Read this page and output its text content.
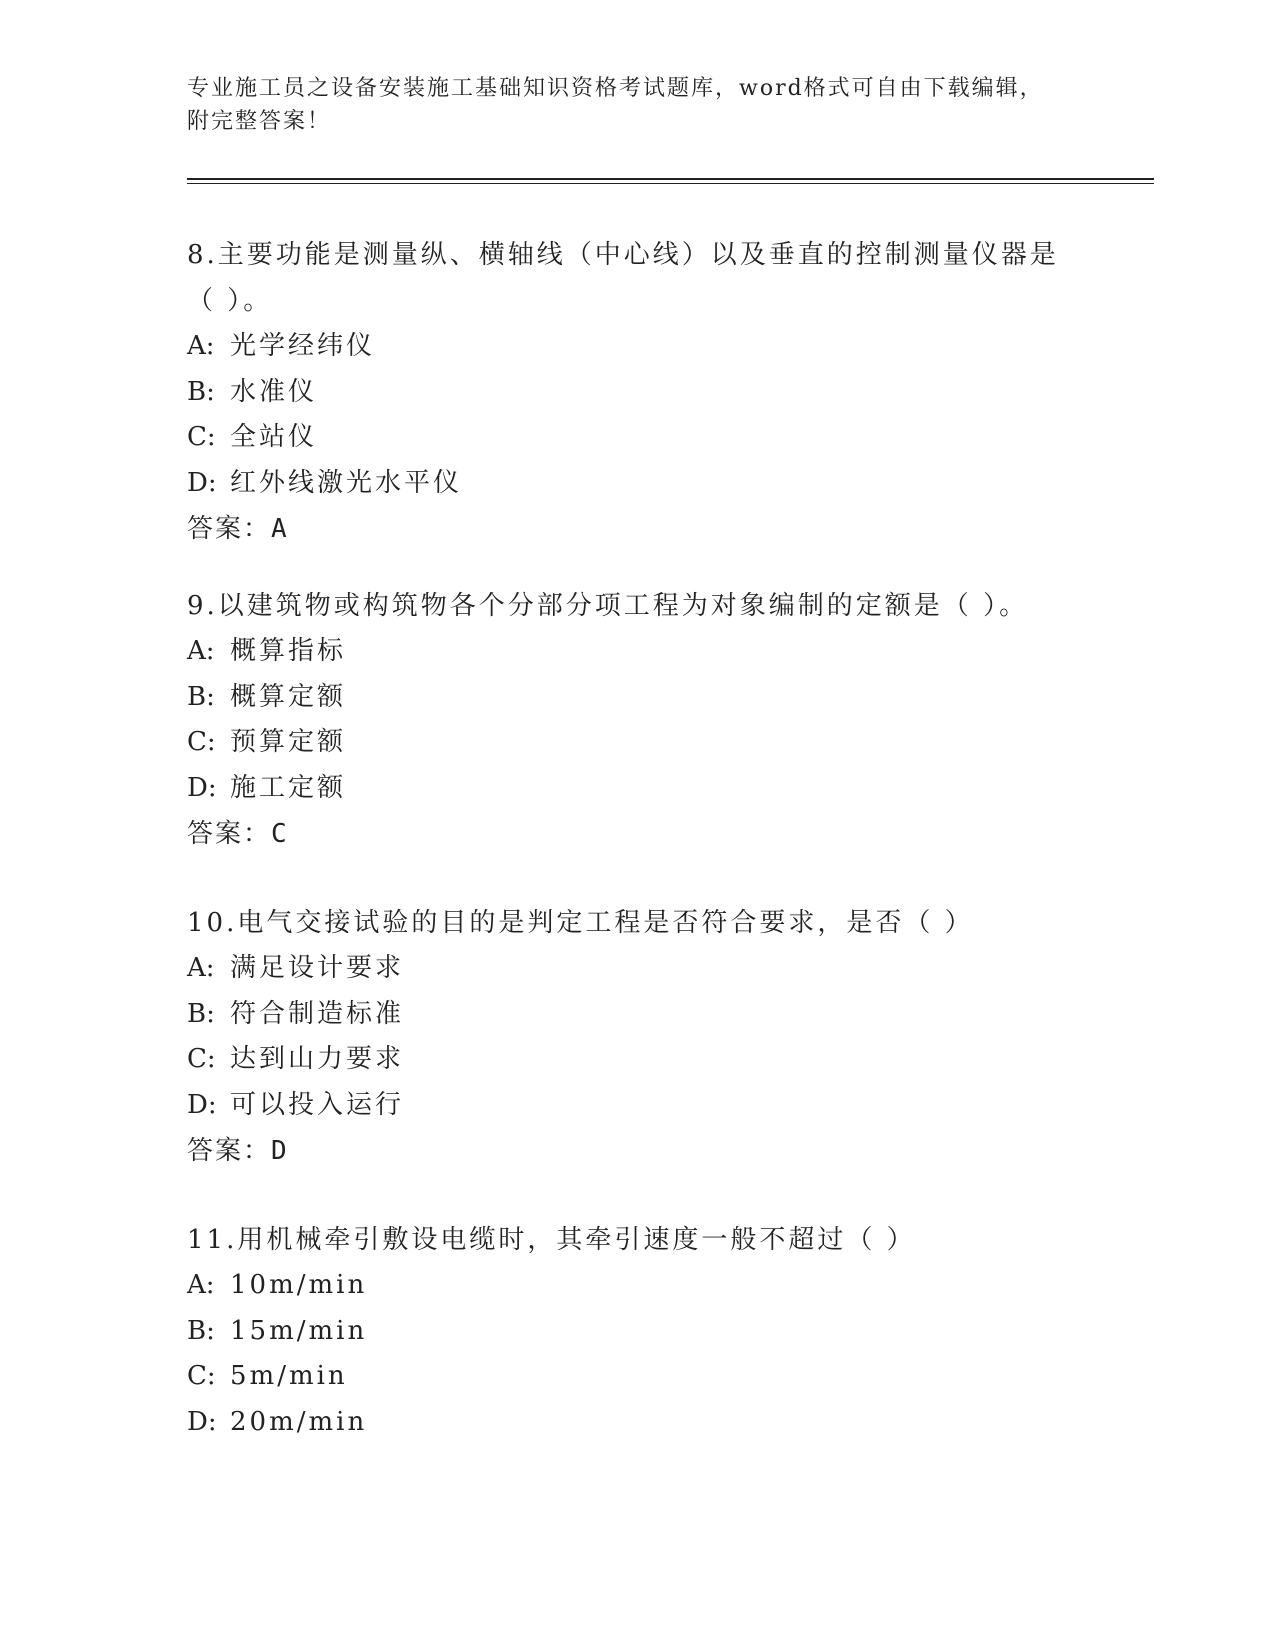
专业施工员之设备安装施工基础知识资格考试题库，word格式可自由下载编辑，
附完整答案！

8.主要功能是测量纵、横轴线（中心线）以及垂直的控制测量仪器是（ ）。

A: 光学经纬仪

B: 水准仪

C: 全站仪

D: 红外线激光水平仪

答案：A

9.以建筑物或构筑物各个分部分项工程为对象编制的定额是（ ）。

A: 概算指标

B: 概算定额

C: 预算定额

D: 施工定额

答案：C

10.电气交接试验的目的是判定工程是否符合要求，是否（ ）

A: 满足设计要求

B: 符合制造标准

C: 达到山力要求

D: 可以投入运行

答案：D

11.用机械牵引敷设电缆时，其牵引速度一般不超过（ ）

A: 10m/min

B: 15m/min

C: 5m/min

D: 20m/min
